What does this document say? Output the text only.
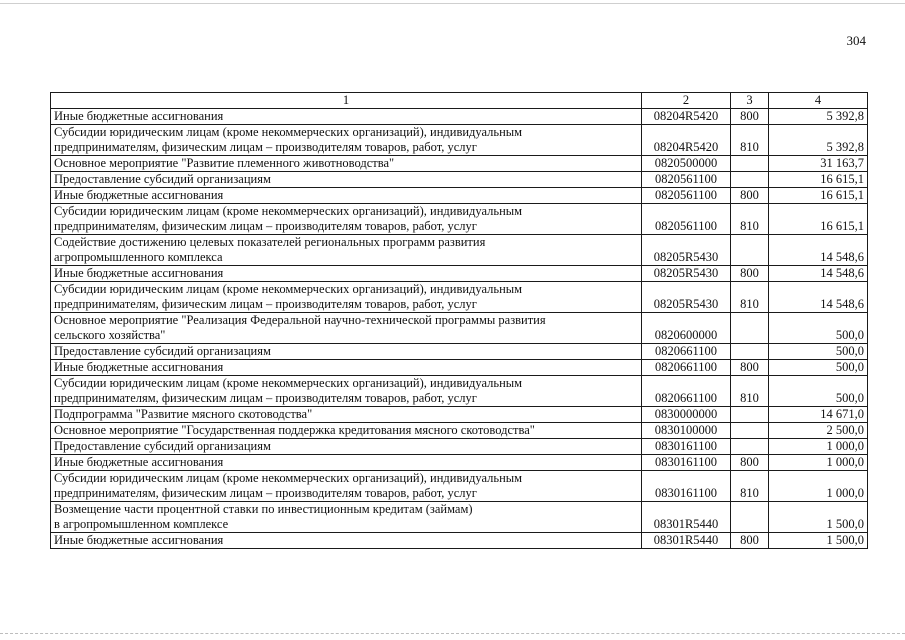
304
1	2	3	4

Иные бюджетные ассигнования	08204R5420	800	5 392,8

Субсидии юридическим лицам (кроме некоммерческих организаций), индивидуальным
предпринимателям, физическим лицам – производителям товаров, работ, услуг	08204R5420	810	5 392,8

Основное мероприятие "Развитие племенного животноводства"	0820500000		31 163,7

Предоставление субсидий организациям	0820561100		16 615,1

Иные бюджетные ассигнования	0820561100	800	16 615,1

Субсидии юридическим лицам (кроме некоммерческих организаций), индивидуальным
предпринимателям, физическим лицам – производителям товаров, работ, услуг	0820561100	810	16 615,1

Содействие достижению целевых показателей региональных программ развития
агропромышленного комплекса	08205R5430		14 548,6

Иные бюджетные ассигнования	08205R5430	800	14 548,6

Субсидии юридическим лицам (кроме некоммерческих организаций), индивидуальным
предпринимателям, физическим лицам – производителям товаров, работ, услуг	08205R5430	810	14 548,6

Основное мероприятие "Реализация Федеральной научно-технической программы развития
сельского хозяйства"	0820600000		500,0

Предоставление субсидий организациям	0820661100		500,0

Иные бюджетные ассигнования	0820661100	800	500,0

Субсидии юридическим лицам (кроме некоммерческих организаций), индивидуальным
предпринимателям, физическим лицам – производителям товаров, работ, услуг	0820661100	810	500,0

Подпрограмма "Развитие мясного скотоводства"	0830000000		14 671,0

Основное мероприятие "Государственная поддержка кредитования мясного скотоводства"	0830100000		2 500,0

Предоставление субсидий организациям	0830161100		1 000,0

Иные бюджетные ассигнования	0830161100	800	1 000,0

Субсидии юридическим лицам (кроме некоммерческих организаций), индивидуальным
предпринимателям, физическим лицам – производителям товаров, работ, услуг	0830161100	810	1 000,0

Возмещение части процентной ставки по инвестиционным кредитам (займам)
в агропромышленном комплексе	08301R5440		1 500,0

Иные бюджетные ассигнования	08301R5440	800	1 500,0
